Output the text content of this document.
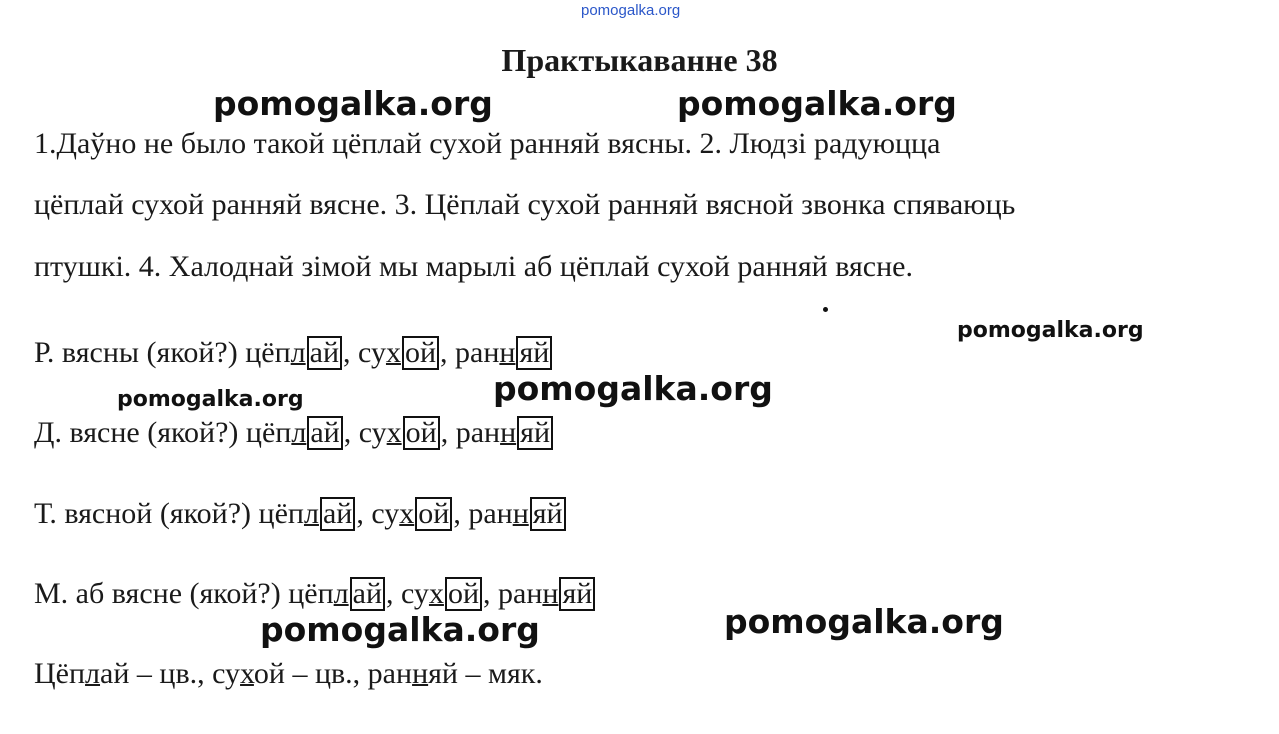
pomogalka.org
Практыкаванне 38
pomogalka.org	pomogalka.org
1.Даўно не было такой цёплай сухой ранняй вясны. 2. Людзі радуюцца
цёплай сухой ранняй вясне. 3. Цёплай сухой ранняй вясной звонка спяваюць
птушкі. 4. Халоднай зімой мы марылі аб цёплай сухой ранняй вясне.
pomogalka.org
Р. вясны (якой?) цёпл ай , сух ой , ранн яй
pomogalka.org
pomogalka.org
Д. вясне (якой?) цёпл ай , сух ой , ранн яй
Т. вясной (якой?) цёпл ай , сух ой , ранн яй
М. аб вясне (якой?) цёпл ай , сух ой , ранн яй
pomogalka.org
pomogalka.org
Цёплай – цв., сухой – цв., ранняй – мяк.
